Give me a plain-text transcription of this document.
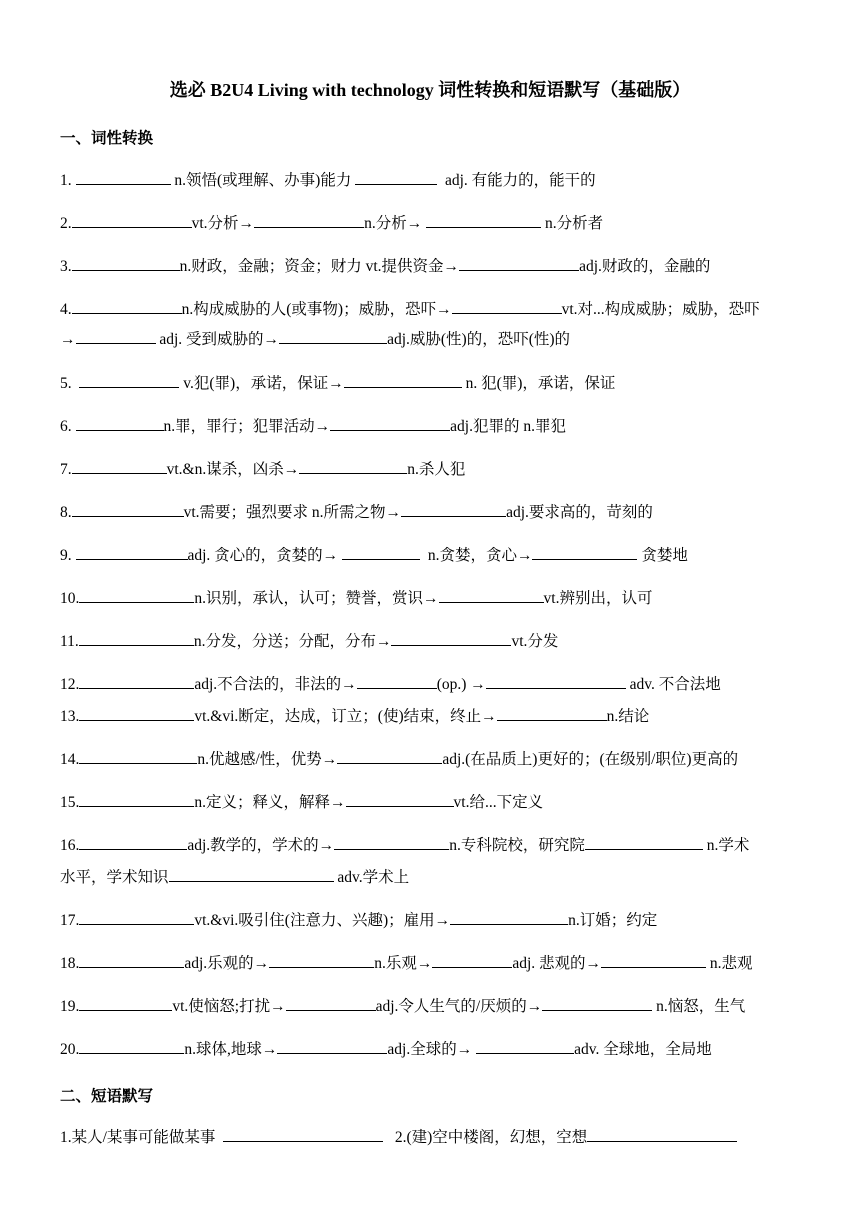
选必 B2U4 Living with technology 词性转换和短语默写（基础版）
一、词性转换
1.	n.领悟(或理解、办事)能力	adj. 有能力的，能干的
2.	vt.分析→	n.分析→	n.分析者
3.	n.财政，金融；资金；财力 vt.提供资金→	adj.财政的，金融的
4.	n.构成威胁的人(或事物)；威胁，恐吓→	vt.对...构成威胁；威胁，恐吓
→	adj. 受到威胁的→	adj.威胁(性)的，恐吓(性)的
5.	v.犯(罪)，承诺，保证→	n. 犯(罪)，承诺，保证
6.	n.罪，罪行；犯罪活动→	adj.犯罪的 n.罪犯
7.	vt.&n.谋杀，凶杀→	n.杀人犯
8.	vt.需要；强烈要求 n.所需之物→	adj.要求高的，苛刻的
9.	adj. 贪心的，贪婪的→	n.贪婪，贪心→	贪婪地
10.	n.识别，承认，认可；赞誉，赏识→	vt.辨别出，认可
11.	n.分发，分送；分配，分布→	vt.分发
12.	adj.不合法的，非法的→	(op.) →	adv. 不合法地
13.	vt.&vi.断定，达成，订立；(使)结束，终止→	n.结论
14.	n.优越感/性，优势→	adj.(在品质上)更好的；(在级别/职位)更高的
15.	n.定义；释义，解释→	vt.给...下定义
16.	adj.教学的，学术的→	n.专科院校，研究院	n.学术
水平，学术知识	adv.学术上
17.	vt.&vi.吸引住(注意力、兴趣)；雇用→	n.订婚；约定
18.	adj.乐观的→	n.乐观→	adj. 悲观的→	n.悲观
19.	vt.使恼怒;打扰→	adj.令人生气的/厌烦的→	n.恼怒，生气
20.	n.球体,地球→	adj.全球的→	adv. 全球地，全局地
二、短语默写
1.某人/某事可能做某事	2.(建)空中楼阁，幻想，空想
